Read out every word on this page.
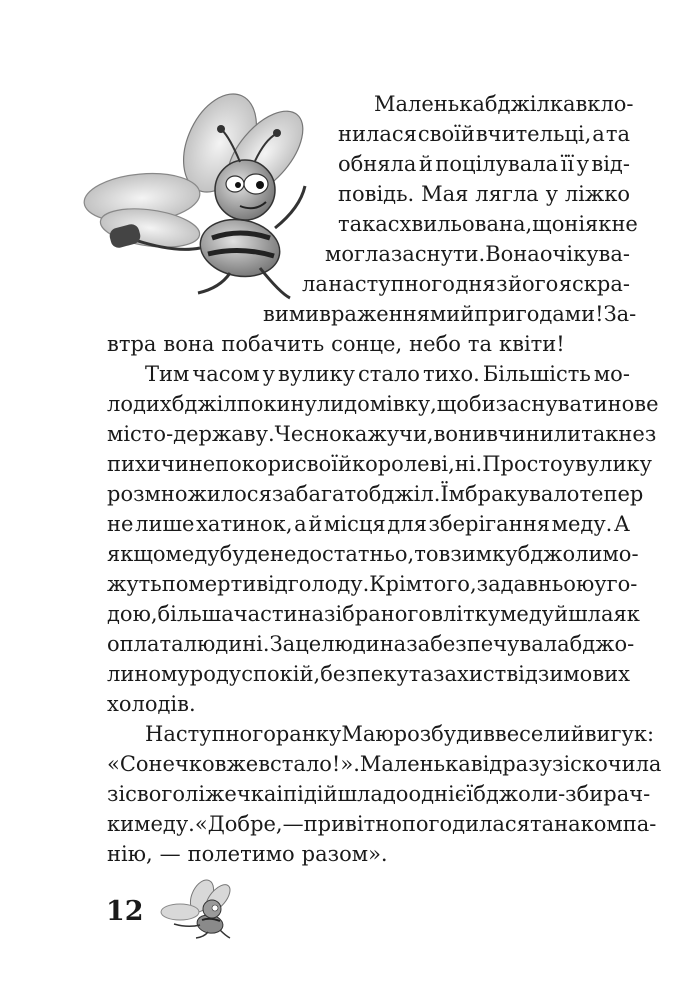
Маленька бджілка вкло-
нилася своїй вчительці, а та
обняла й поцілувала її у від-
повідь. Мая лягла у ліжко
така схвильована, що ніяк не
могла заснути. Вона очікува-
ла наступного дня з його яскра-
вими враженнями й пригодами! За-
втра вона побачить сонце, небо та квіти!
Тим часом у вулику стало тихо. Більшість мо-
лодих бджіл покинули домівку, щоби заснувати нове
місто-державу. Чесно кажучи, вони вчинили так не з
пихи чи непокори своїй королеві, ні. Просто у вулику
розмножилося забагато бджіл. Їм бракувало тепер
не лише хатинок, а й місця для зберігання меду. А
якщо меду буде недостатньо, то взимку бджоли мо-
жуть померти від голоду. Крім того, за давньою уго-
дою, більша частина зібраного влітку меду йшла як
оплата людині. За це людина забезпечувала бджо-
линому роду спокій, безпеку та захист від зимових
холодів.
Наступного ранку Маю розбудив веселий вигук:
«Сонечко вже встало!». Маленька відразу зіскочила
зі свого ліжечка і підійшла до однієї бджоли-збирач-
ки меду. «Добре, — привітно погодилася та на компа-
нію, — полетимо разом».
12
